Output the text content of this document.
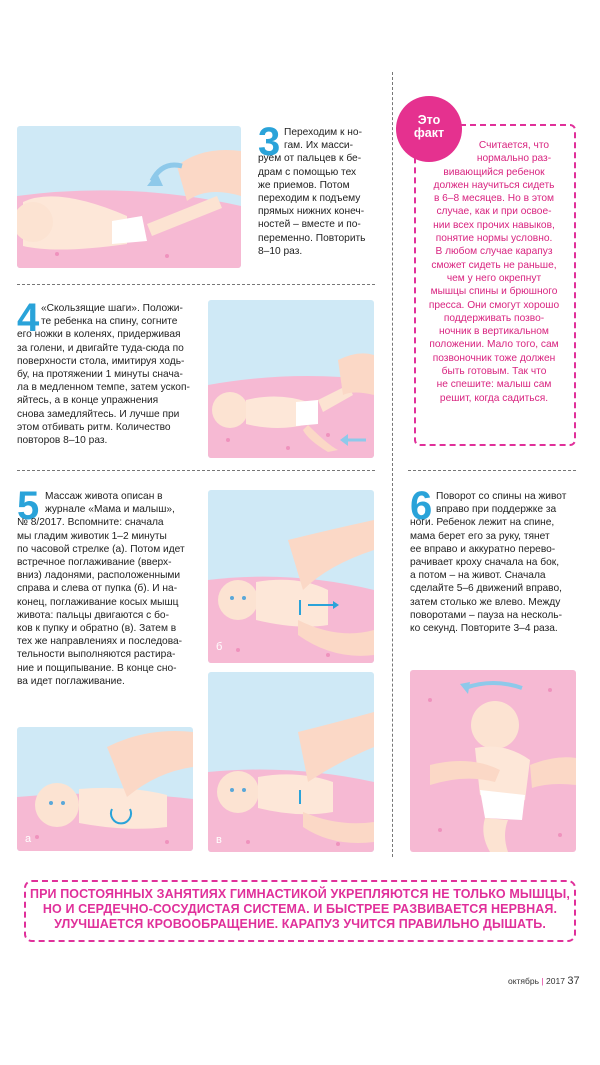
3 Переходим к но-
гам. Их масси-
руем от пальцев к бе-
драм с помощью тех
же приемов. Потом
переходим к подъему
прямых нижних конеч-
ностей – вместе и по-
переменно. Повторить
8–10 раз.
4 «Скользящие шаги». Положи-
те ребенка на спину, согните
его ножки в коленях, придерживая
за голени, и двигайте туда-сюда по
поверхности стола, имитируя ходь-
бу, на протяжении 1 минуты снача-
ла в медленном темпе, затем ускоп-
яйтесь, а в конце упражнения
снова замедляйтесь. И лучше при
этом отбивать ритм. Количество
повторов 8–10 раз.
5 Массаж живота описан в
журнале «Мама и малыш»,
№ 8/2017. Вспомните: сначала
мы гладим животик 1–2 минуты
по часовой стрелке (а). Потом идет
встречное поглаживание (вверх-
вниз) ладонями, расположенными
справа и слева от пупка (б). И на-
конец, поглаживание косых мышц
живота: пальцы двигаются с бо-
ков к пупку и обратно (в). Затем в
тех же направлениях и последова-
тельности выполняются растира-
ние и пощипывание. В конце сно-
ва идет поглаживание.
б
а	в
Это
факт
Считается, что
нормально раз-
вивающийся ребенок
должен научиться сидеть
в 6–8 месяцев. Но в этом
случае, как и при освое-
нии всех прочих навыков,
понятие нормы условно.
В любом случае карапуз
сможет сидеть не раньше,
чем у него окрепнут
мышцы спины и брюшного
пресса. Они смогут хорошо
поддерживать позво-
ночник в вертикальном
положении. Мало того, сам
позвоночник тоже должен
быть готовым. Так что
не спешите: малыш сам
решит, когда садиться.
6 Поворот со спины на живот
вправо при поддержке за
ноги. Ребенок лежит на спине,
мама берет его за руку, тянет
ее вправо и аккуратно перево-
рачивает кроху сначала на бок,
а потом – на живот. Сначала
сделайте 5–6 движений вправо,
затем столько же влево. Между
поворотами – пауза на несколь-
ко секунд. Повторите 3–4 раза.
ПРИ ПОСТОЯННЫХ ЗАНЯТИЯХ ГИМНАСТИКОЙ УКРЕПЛЯЮТСЯ НЕ ТОЛЬКО МЫШЦЫ,
НО И СЕРДЕЧНО-СОСУДИСТАЯ СИСТЕМА. И БЫСТРЕЕ РАЗВИВАЕТСЯ НЕРВНАЯ.
УЛУЧШАЕТСЯ КРОВООБРАЩЕНИЕ. КАРАПУЗ УЧИТСЯ ПРАВИЛЬНО ДЫШАТЬ.
октябрь | 2017 37
